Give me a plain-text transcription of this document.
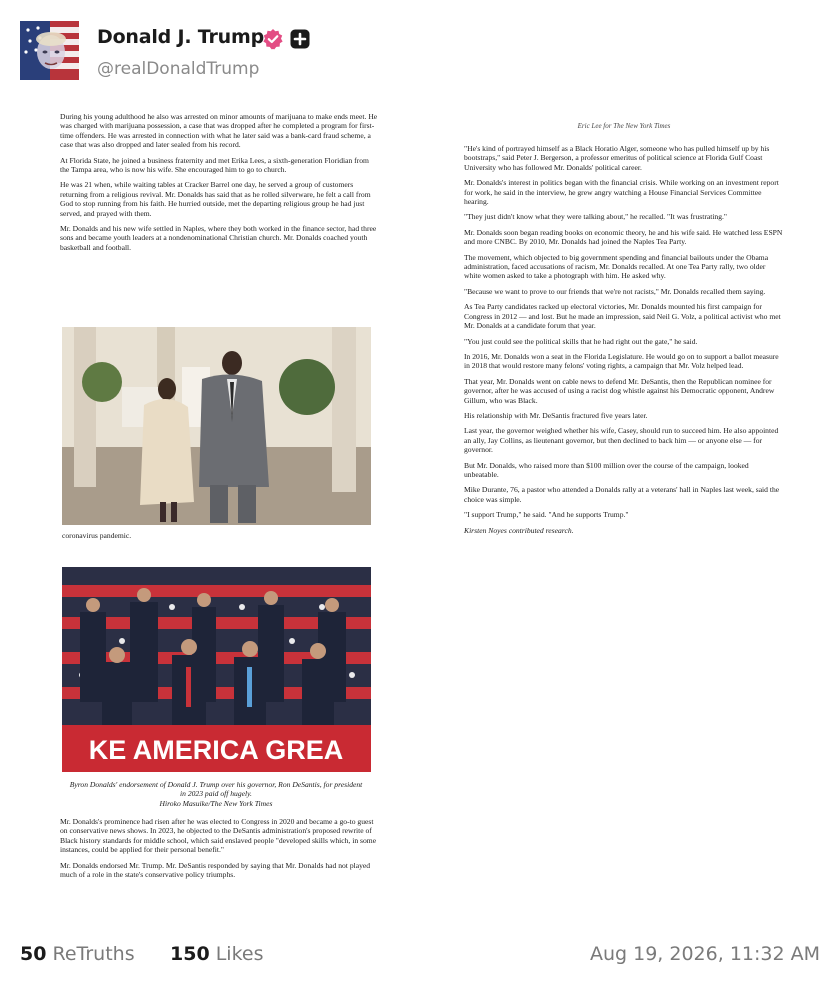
Donald J. Trump
@realDonaldTrump

During his young adulthood he also was arrested on minor amounts of marijuana to make ends meet. He was charged with marijuana possession, a case that was dropped after he completed a program for first-time offenders. He was arrested in connection with what he later said was a bank-card fraud scheme, a case that was also dropped and later sealed from his record.

At Florida State, he joined a business fraternity and met Erika Lees, a sixth-generation Floridian from the Tampa area, who is now his wife. She encouraged him to go to church.

He was 21 when, while waiting tables at Cracker Barrel one day, he served a group of customers returning from a religious revival. Mr. Donalds has said that as he rolled silverware, he felt a call from God to stop running from his faith. He hurried outside, met the departing religious group he had just served, and prayed with them.

Mr. Donalds and his new wife settled in Naples, where they both worked in the finance sector, had three sons and became youth leaders at a nondenominational Christian church. Mr. Donalds coached youth basketball and football.

coronavirus pandemic.
KE AMERICA GREA
Byron Donalds' endorsement of Donald J. Trump over his governor, Ron DeSantis, for president in 2023 paid off hugely.
Hiroko Masuike/The New York Times

Mr. Donalds's prominence had risen after he was elected to Congress in 2020 and became a go-to guest on conservative news shows. In 2023, he objected to the DeSantis administration's proposed rewrite of Black history standards for middle school, which said enslaved people "developed skills which, in some instances, could be applied for their personal benefit."

Mr. Donalds endorsed Mr. Trump. Mr. DeSantis responded by saying that Mr. Donalds had not played much of a role in the state's conservative policy triumphs.

Eric Lee for The New York Times

"He's kind of portrayed himself as a Black Horatio Alger, someone who has pulled himself up by his bootstraps," said Peter J. Bergerson, a professor emeritus of political science at Florida Gulf Coast University who has followed Mr. Donalds' political career.

Mr. Donalds's interest in politics began with the financial crisis. While working on an investment report for work, he said in the interview, he grew angry watching a House Financial Services Committee hearing.

"They just didn't know what they were talking about," he recalled. "It was frustrating."

Mr. Donalds soon began reading books on economic theory, he and his wife said. He watched less ESPN and more CNBC. By 2010, Mr. Donalds had joined the Naples Tea Party.

The movement, which objected to big government spending and financial bailouts under the Obama administration, faced accusations of racism, Mr. Donalds recalled. At one Tea Party rally, two older white women asked to take a photograph with him. He asked why.

"Because we want to prove to our friends that we're not racists," Mr. Donalds recalled them saying.

As Tea Party candidates racked up electoral victories, Mr. Donalds mounted his first campaign for Congress in 2012 — and lost. But he made an impression, said Neil G. Volz, a political activist who met Mr. Donalds at a candidate forum that year.

"You just could see the political skills that he had right out the gate," he said.

In 2016, Mr. Donalds won a seat in the Florida Legislature. He would go on to support a ballot measure in 2018 that would restore many felons' voting rights, a campaign that Mr. Volz helped lead.

That year, Mr. Donalds went on cable news to defend Mr. DeSantis, then the Republican nominee for governor, after he was accused of using a racist dog whistle against his Democratic opponent, Andrew Gillum, who was Black.

His relationship with Mr. DeSantis fractured five years later.

Last year, the governor weighed whether his wife, Casey, should run to succeed him. He also appointed an ally, Jay Collins, as lieutenant governor, but then declined to back him — or anyone else — for governor.

But Mr. Donalds, who raised more than $100 million over the course of the campaign, looked unbeatable.

Mike Durante, 76, a pastor who attended a Donalds rally at a veterans' hall in Naples last week, said the choice was simple.

"I support Trump," he said. "And he supports Trump."

Kirsten Noyes contributed research.

50 ReTruths 150 Likes	Aug 19, 2026, 11:32 AM
